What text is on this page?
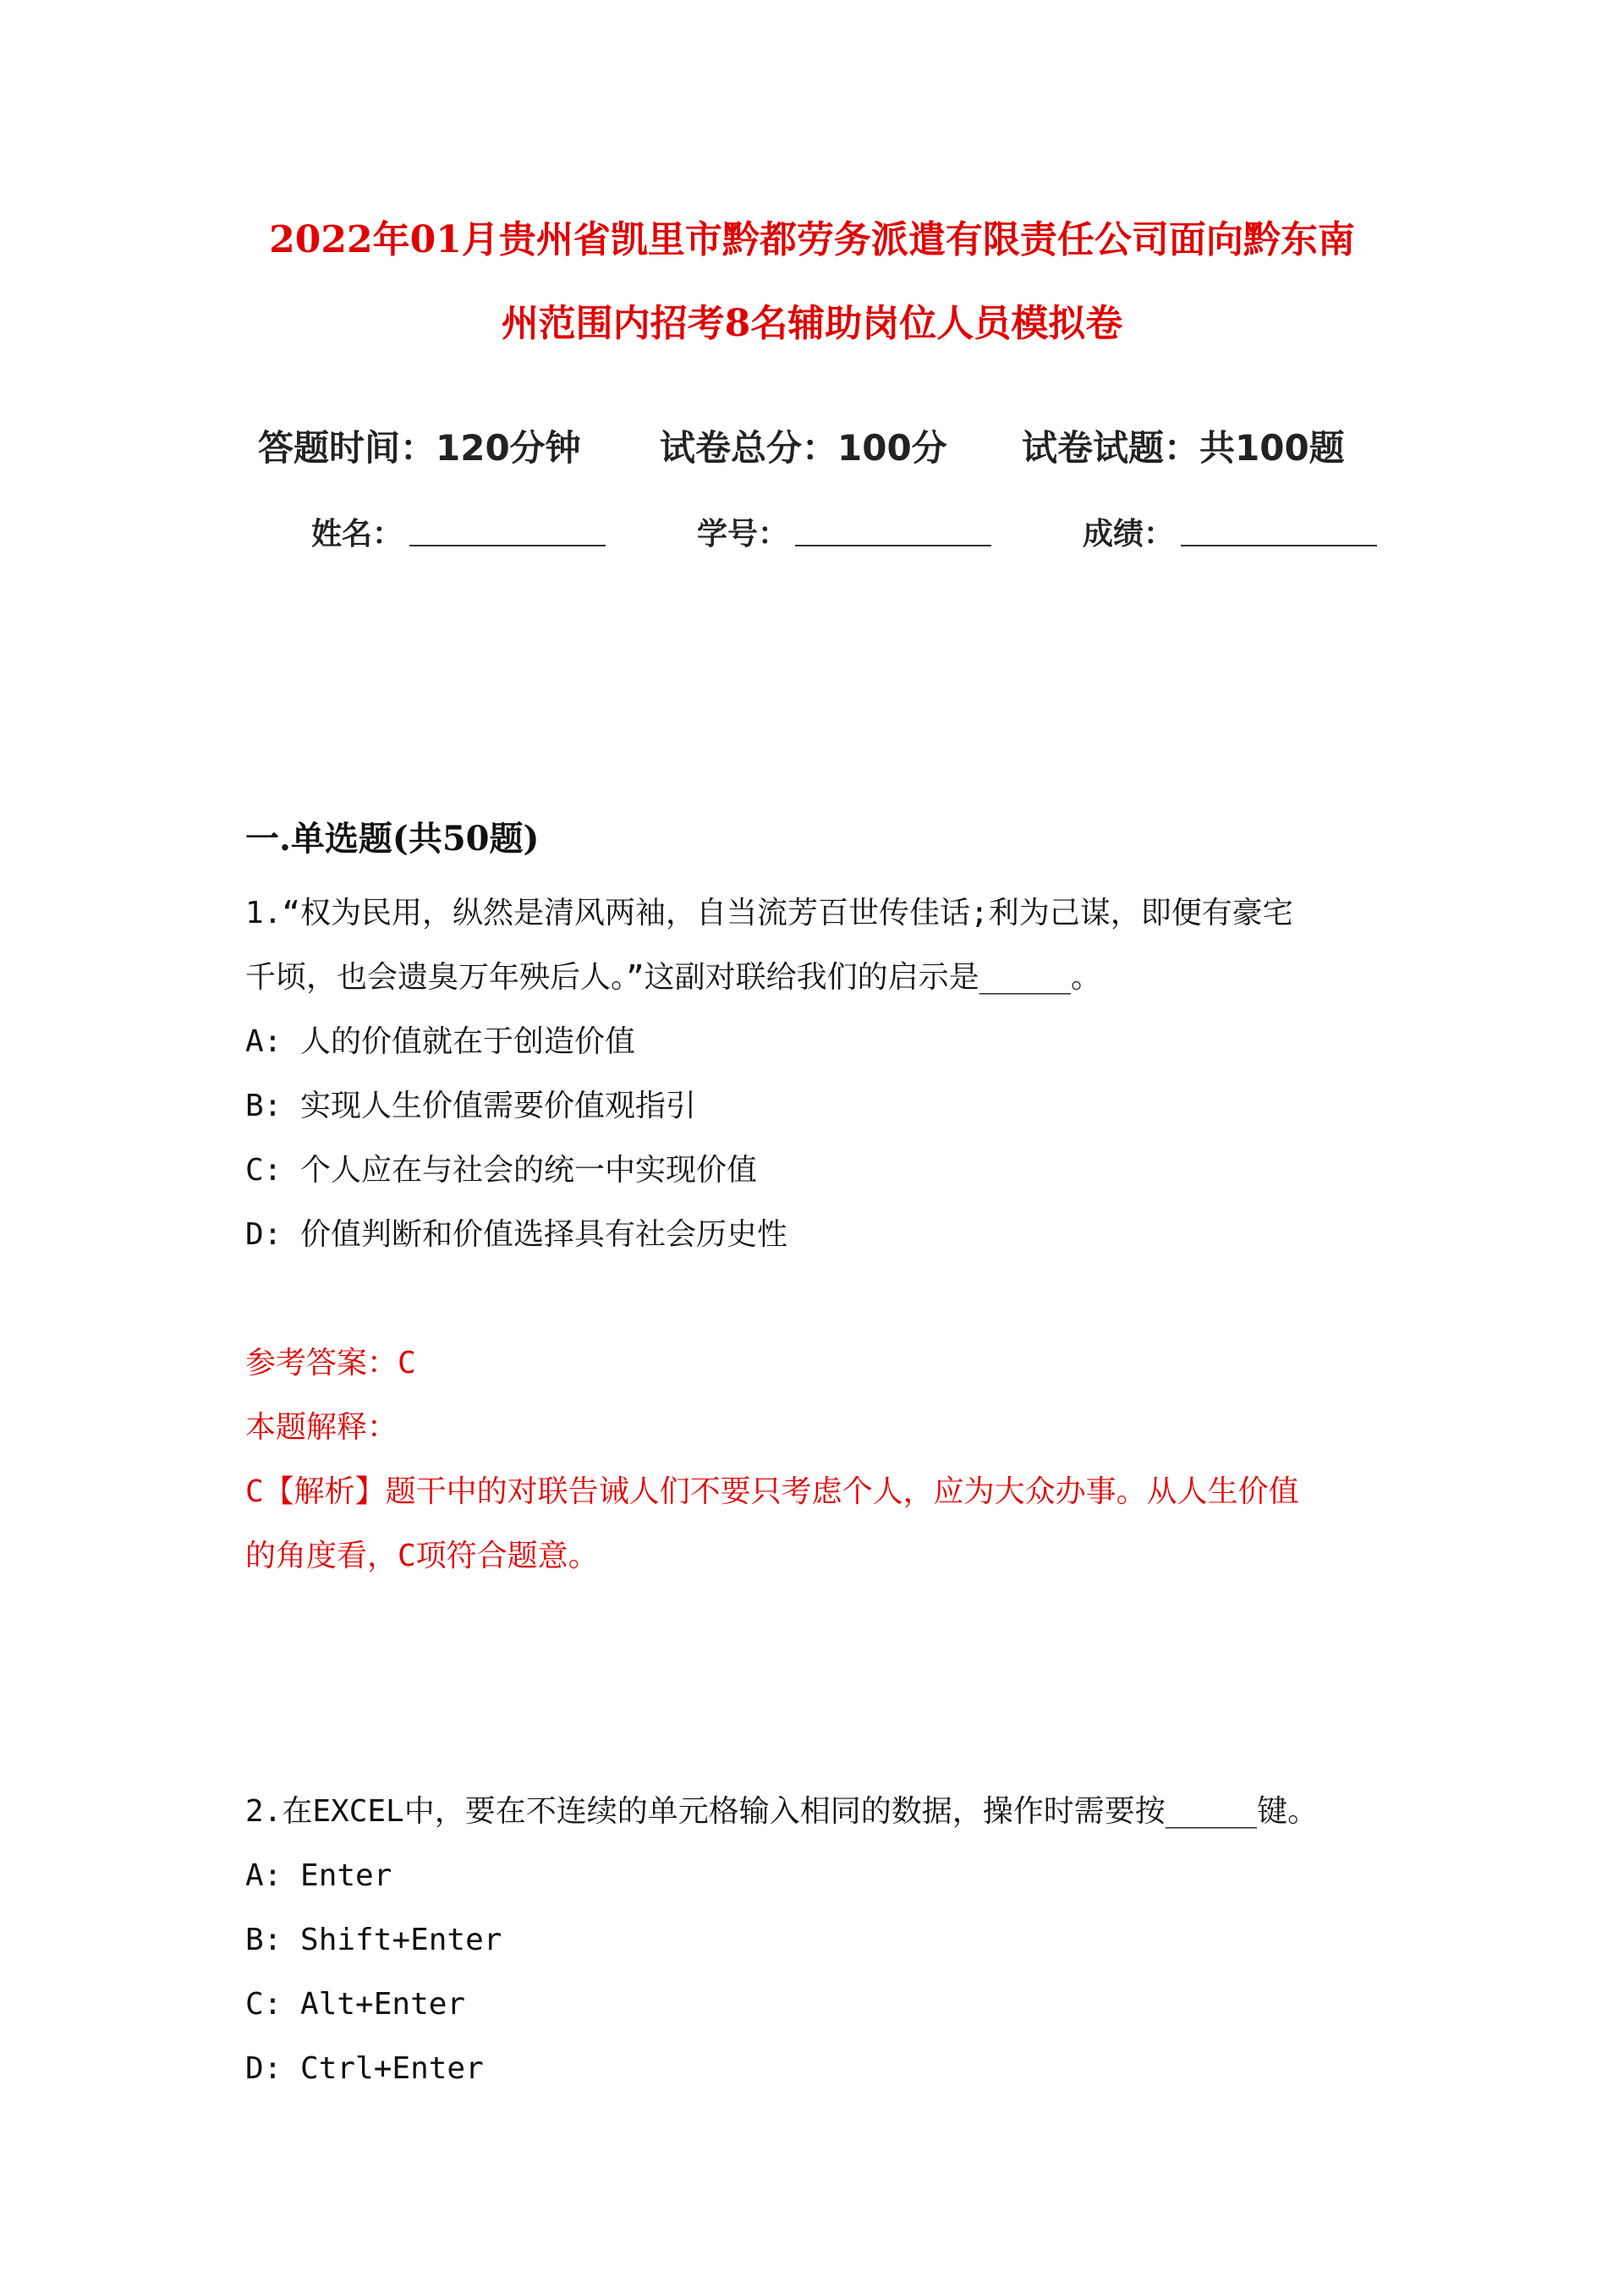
2022年01月贵州省凯里市黔都劳务派遣有限责任公司面向黔东南
州范围内招考8名辅助岗位人员模拟卷
答题时间：120分钟 试卷总分：100分 试卷试题：共100题
姓名：	学号：	成绩：
一.单选题(共50题)
1.“权为民用，纵然是清风两袖，自当流芳百世传佳话;利为己谋，即便有豪宅
千顷，也会遗臭万年殃后人。”这副对联给我们的启示是_____。
A: 人的价值就在于创造价值
B: 实现人生价值需要价值观指引
C: 个人应在与社会的统一中实现价值
D: 价值判断和价值选择具有社会历史性
参考答案：C
本题解释：
C【解析】题干中的对联告诫人们不要只考虑个人，应为大众办事。从人生价值
的角度看，C项符合题意。
2.在EXCEL中，要在不连续的单元格输入相同的数据，操作时需要按_____键。
A: Enter
B: Shift+Enter
C: Alt+Enter
D: Ctrl+Enter
